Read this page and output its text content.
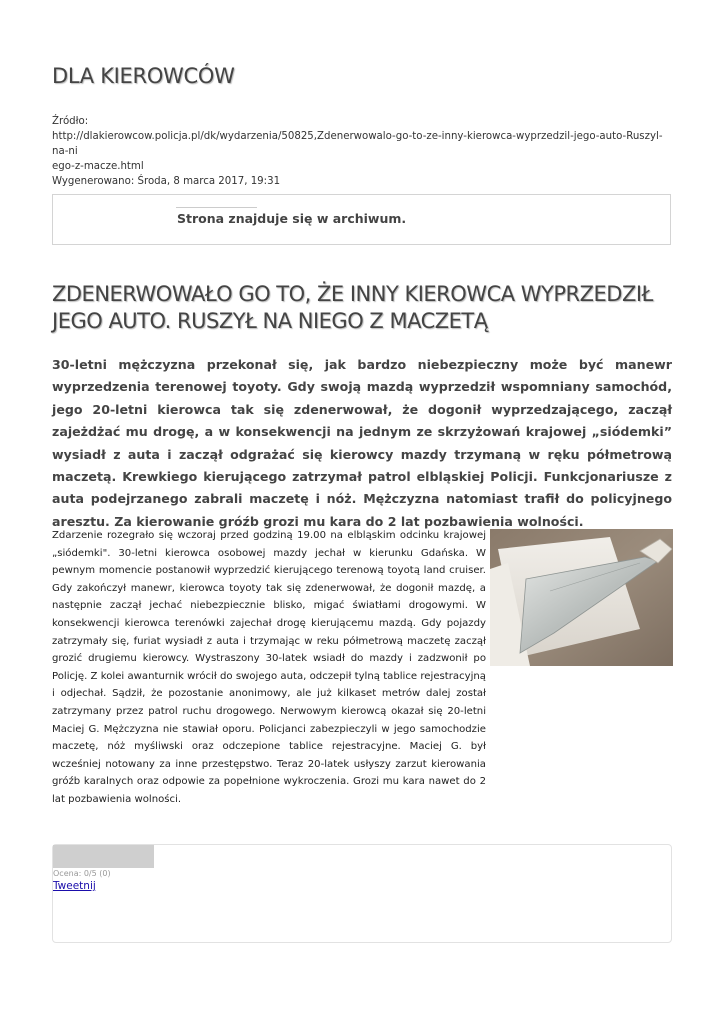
DLA KIEROWCÓW
Źródło:
http://dlakierowcow.policja.pl/dk/wydarzenia/50825,Zdenerwowalo-go-to-ze-inny-kierowca-wyprzedzil-jego-auto-Ruszyl-na-ni
ego-z-macze.html
Wygenerowano: Środa, 8 marca 2017, 19:31
Strona znajduje się w archiwum.
ZDENERWOWAŁO GO TO, ŻE INNY KIEROWCA WYPRZEDZIŁ JEGO AUTO. RUSZYŁ NA NIEGO Z MACZETĄ

30-letni mężczyzna przekonał się, jak bardzo niebezpieczny może być manewr wyprzedzenia terenowej toyoty. Gdy swoją mazdą wyprzedził wspomniany samochód, jego 20-letni kierowca tak się zdenerwował, że dogonił wyprzedzającego, zaczął zajeżdżać mu drogę, a w konsekwencji na jednym ze skrzyżowań krajowej „siódemki” wysiadł z auta i zaczął odgrażać się kierowcy mazdy trzymaną w ręku półmetrową maczetą. Krewkiego kierującego zatrzymał patrol elbląskiej Policji. Funkcjonariusze z auta podejrzanego zabrali maczetę i nóż. Mężczyzna natomiast trafił do policyjnego aresztu. Za kierowanie gróźb grozi mu kara do 2 lat pozbawienia wolności.

Zdarzenie rozegrało się wczoraj przed godziną 19.00 na elbląskim odcinku krajowej „siódemki". 30-letni kierowca osobowej mazdy jechał w kierunku Gdańska. W pewnym momencie postanowił wyprzedzić kierującego terenową toyotą land cruiser. Gdy zakończył manewr, kierowca toyoty tak się zdenerwował, że dogonił mazdę, a następnie zaczął jechać niebezpiecznie blisko, migać światłami drogowymi. W konsekwencji kierowca terenówki zajechał drogę kierującemu mazdą. Gdy pojazdy zatrzymały się, furiat wysiadł z auta i trzymając w reku półmetrową maczetę zaczął grozić drugiemu kierowcy. Wystraszony 30-latek wsiadł do mazdy i zadzwonił po Policję. Z kolei awanturnik wrócił do swojego auta, odczepił tylną tablice rejestracyjną i odjechał. Sądził, że pozostanie anonimowy, ale już kilkaset metrów dalej został zatrzymany przez patrol ruchu drogowego. Nerwowym kierowcą okazał się 20-letni Maciej G. Mężczyzna nie stawiał oporu. Policjanci zabezpieczyli w jego samochodzie maczetę, nóż myśliwski oraz odczepione tablice rejestracyjne. Maciej G. był wcześniej notowany za inne przestępstwo. Teraz 20-latek usłyszy zarzut kierowania gróźb karalnych oraz odpowie za popełnione wykroczenia. Grozi mu kara nawet do 2 lat pozbawienia wolności.

Ocena: 0/5 (0)
Tweetnij
